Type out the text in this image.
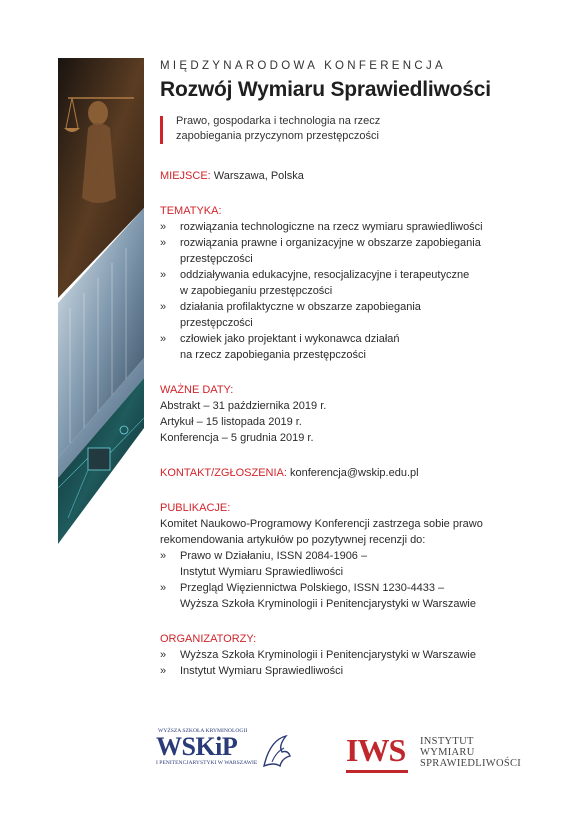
MIĘDZYNARODOWA KONFERENCJA
Rozwój Wymiaru Sprawiedliwości
Prawo, gospodarka i technologia na rzecz
zapobiegania przyczynom przestępczości
MIEJSCE: Warszawa, Polska
TEMATYKA:
» rozwiązania technologiczne na rzecz wymiaru sprawiedliwości
» rozwiązania prawne i organizacyjne w obszarze zapobiegania
przestępczości
» oddziaływania edukacyjne, resocjalizacyjne i terapeutyczne
w zapobieganiu przestępczości
» działania profilaktyczne w obszarze zapobiegania
przestępczości
» człowiek jako projektant i wykonawca działań
na rzecz zapobiegania przestępczości
WAŻNE DATY:
Abstrakt – 31 października 2019 r.
Artykuł – 15 listopada 2019 r.
Konferencja – 5 grudnia 2019 r.
KONTAKT/ZGŁOSZENIA: konferencja@wskip.edu.pl
PUBLIKACJE:
Komitet Naukowo-Programowy Konferencji zastrzega sobie prawo
rekomendowania artykułów po pozytywnej recenzji do:
» Prawo w Działaniu, ISSN 2084-1906 –
Instytut Wymiaru Sprawiedliwości
» Przegląd Więziennictwa Polskiego, ISSN 1230-4433 –
Wyższa Szkoła Kryminologii i Penitencjarystyki w Warszawie
ORGANIZATORZY:
» Wyższa Szkoła Kryminologii i Penitencjarystyki w Warszawie
» Instytut Wymiaru Sprawiedliwości
WYŻSZA SZKOŁA KRYMINOLOGII
WSKiP
I PENITENCJARYSTYKI W WARSZAWIE	IWS INSTYTUT
WYMIARU
SPRAWIEDLIWOŚCI
